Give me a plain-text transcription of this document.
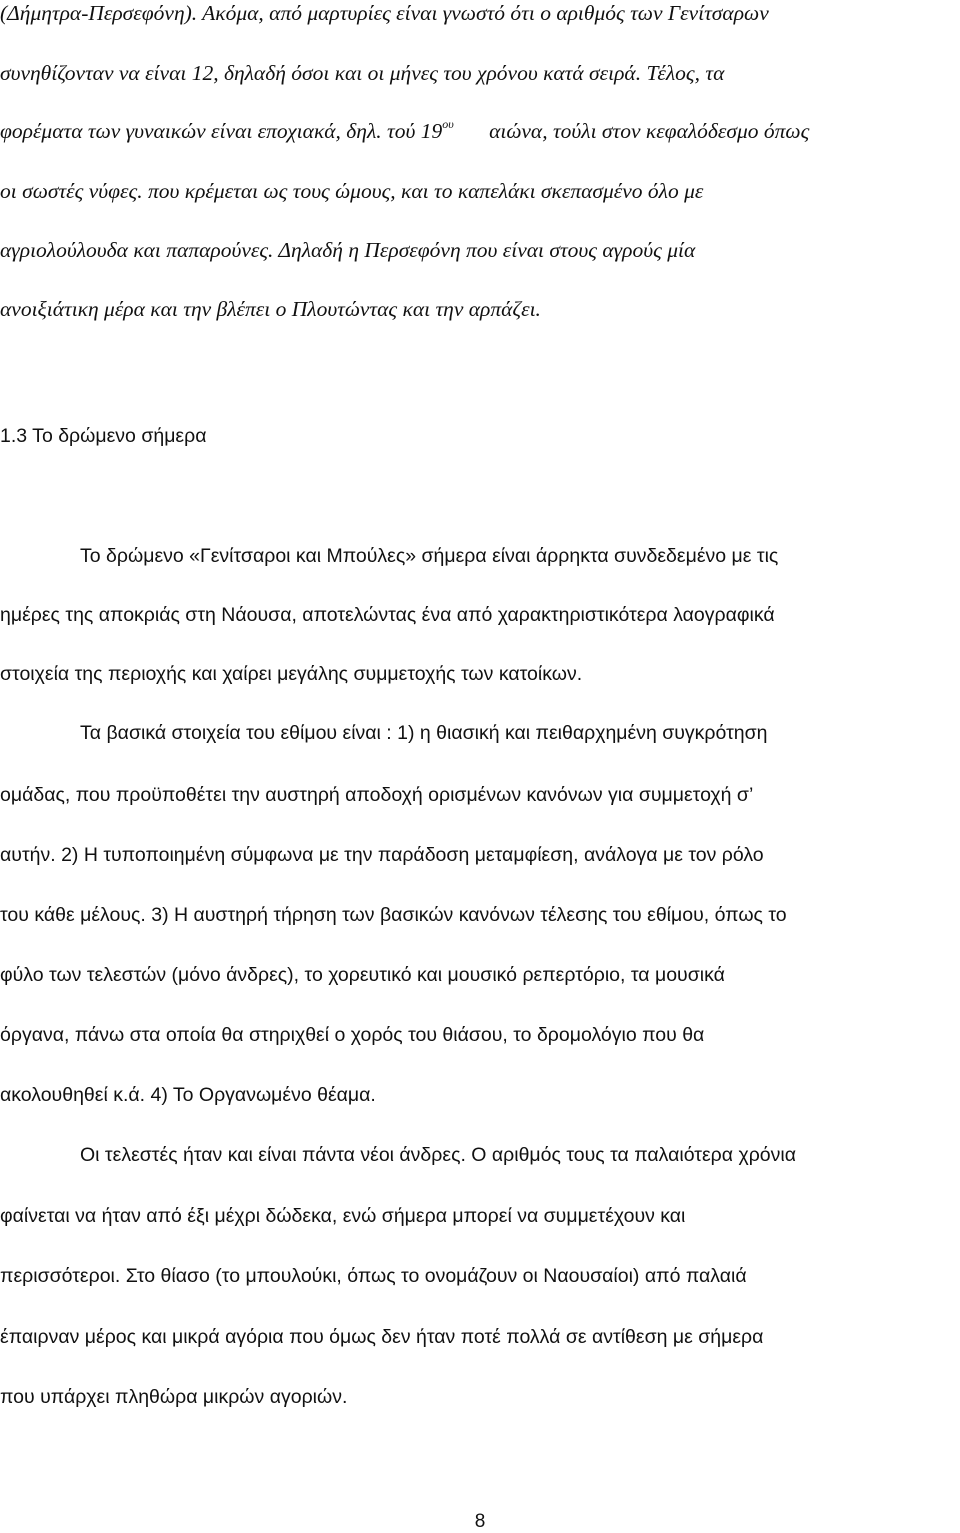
(Δήμητρα-Περσεφόνη). Ακόμα, από μαρτυρίες είναι γνωστό ότι ο αριθμός των Γενίτσαρων
συνηθίζονταν να είναι 12, δηλαδή όσοι και οι μήνες του χρόνου κατά σειρά. Τέλος, τα
φορέματα των γυναικών είναι εποχιακά, δηλ. τού $19^{o\upsilon}$ αιώνα, τούλι στον κεφαλόδεσμο όπως
οι σωστές νύφες. που κρέμεται ως τους ώμους, και το καπελάκι σκεπασμένο όλο με
αγριολούλουδα και παπαρούνες. Δηλαδή η Περσεφόνη που είναι στους αγρούς μία
ανοιξιάτικη μέρα και την βλέπει ο Πλουτώντας και την αρπάζει.
1.3 Το δρώμενο σήμερα
Το δρώμενο «Γενίτσαροι και Μπούλες» σήμερα είναι άρρηκτα συνδεδεμένο με τις
ημέρες της αποκριάς στη Νάουσα, αποτελώντας ένα από χαρακτηριστικότερα λαογραφικά
στοιχεία της περιοχής και χαίρει μεγάλης συμμετοχής των κατοίκων.
Τα βασικά στοιχεία του εθίμου είναι : 1) η θιασική και πειθαρχημένη συγκρότηση
ομάδας, που προϋποθέτει την αυστηρή αποδοχή ορισμένων κανόνων για συμμετοχή σ’
αυτήν. 2) Η τυποποιημένη σύμφωνα με την παράδοση μεταμφίεση, ανάλογα με τον ρόλο
του κάθε μέλους. 3) Η αυστηρή τήρηση των βασικών κανόνων τέλεσης του εθίμου, όπως το
φύλο των τελεστών (μόνο άνδρες), το χορευτικό και μουσικό ρεπερτόριο, τα μουσικά
όργανα, πάνω στα οποία θα στηριχθεί ο χορός του θιάσου, το δρομολόγιο που θα
ακολουθηθεί κ.ά. 4) Το Οργανωμένο θέαμα.
Οι τελεστές ήταν και είναι πάντα νέοι άνδρες. Ο αριθμός τους τα παλαιότερα χρόνια
φαίνεται να ήταν από έξι μέχρι δώδεκα, ενώ σήμερα μπορεί να συμμετέχουν και
περισσότεροι. Στο θίασο (το μπουλούκι, όπως το ονομάζουν οι Ναουσαίοι) από παλαιά
έπαιρναν μέρος και μικρά αγόρια που όμως δεν ήταν ποτέ πολλά σε αντίθεση με σήμερα
που υπάρχει πληθώρα μικρών αγοριών.
8
